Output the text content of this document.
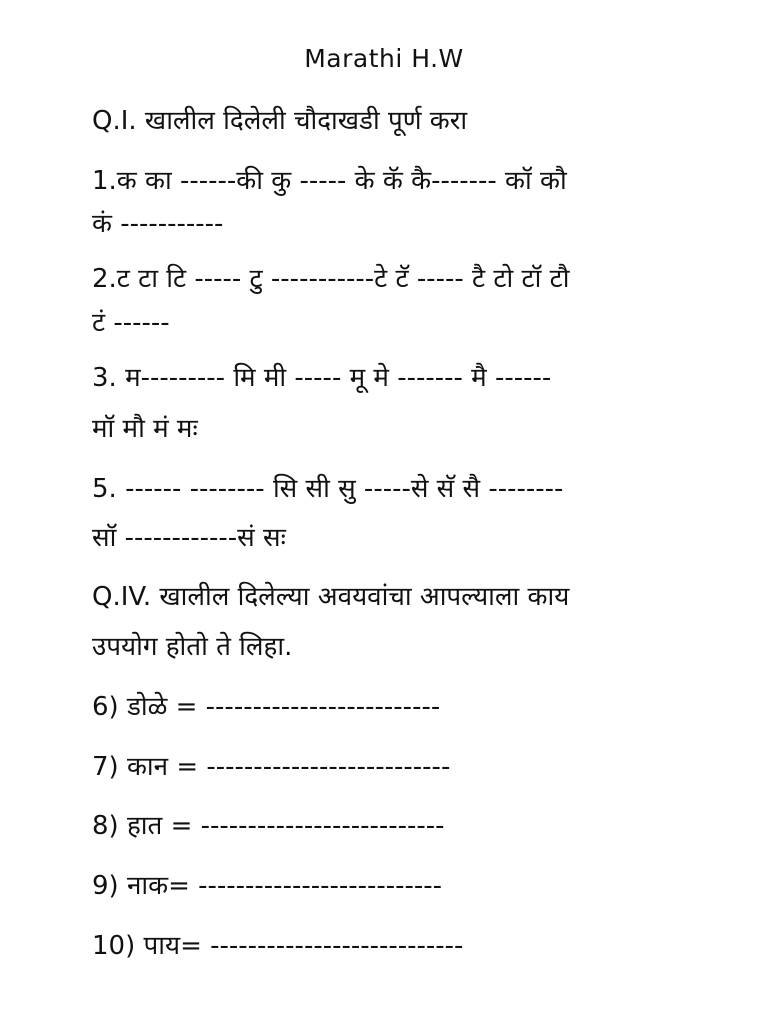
Marathi H.W
Q.I. खालील दिलेली चौदाखडी पूर्ण करा
1.क का ------की कु ----- के कॅ कै------- कॉ कौ
कं -----------
2.ट टा टि ----- टु -----------टे टॅ ----- टै टो टॉ टौ
टं ------
3. म--------- मि मी ----- मू मे ------- मै ------
मॉ मौ मं मः
5. ------ -------- सि सी सु -----से सॅ सै --------
सॉ ------------सं सः
Q.IV. खालील दिलेल्या अवयवांचा आपल्याला काय
उपयोग होतो ते लिहा.
6) डोळे = -------------------------
7) कान = --------------------------
8) हात = --------------------------
9) नाक= --------------------------
10) पाय= ---------------------------
